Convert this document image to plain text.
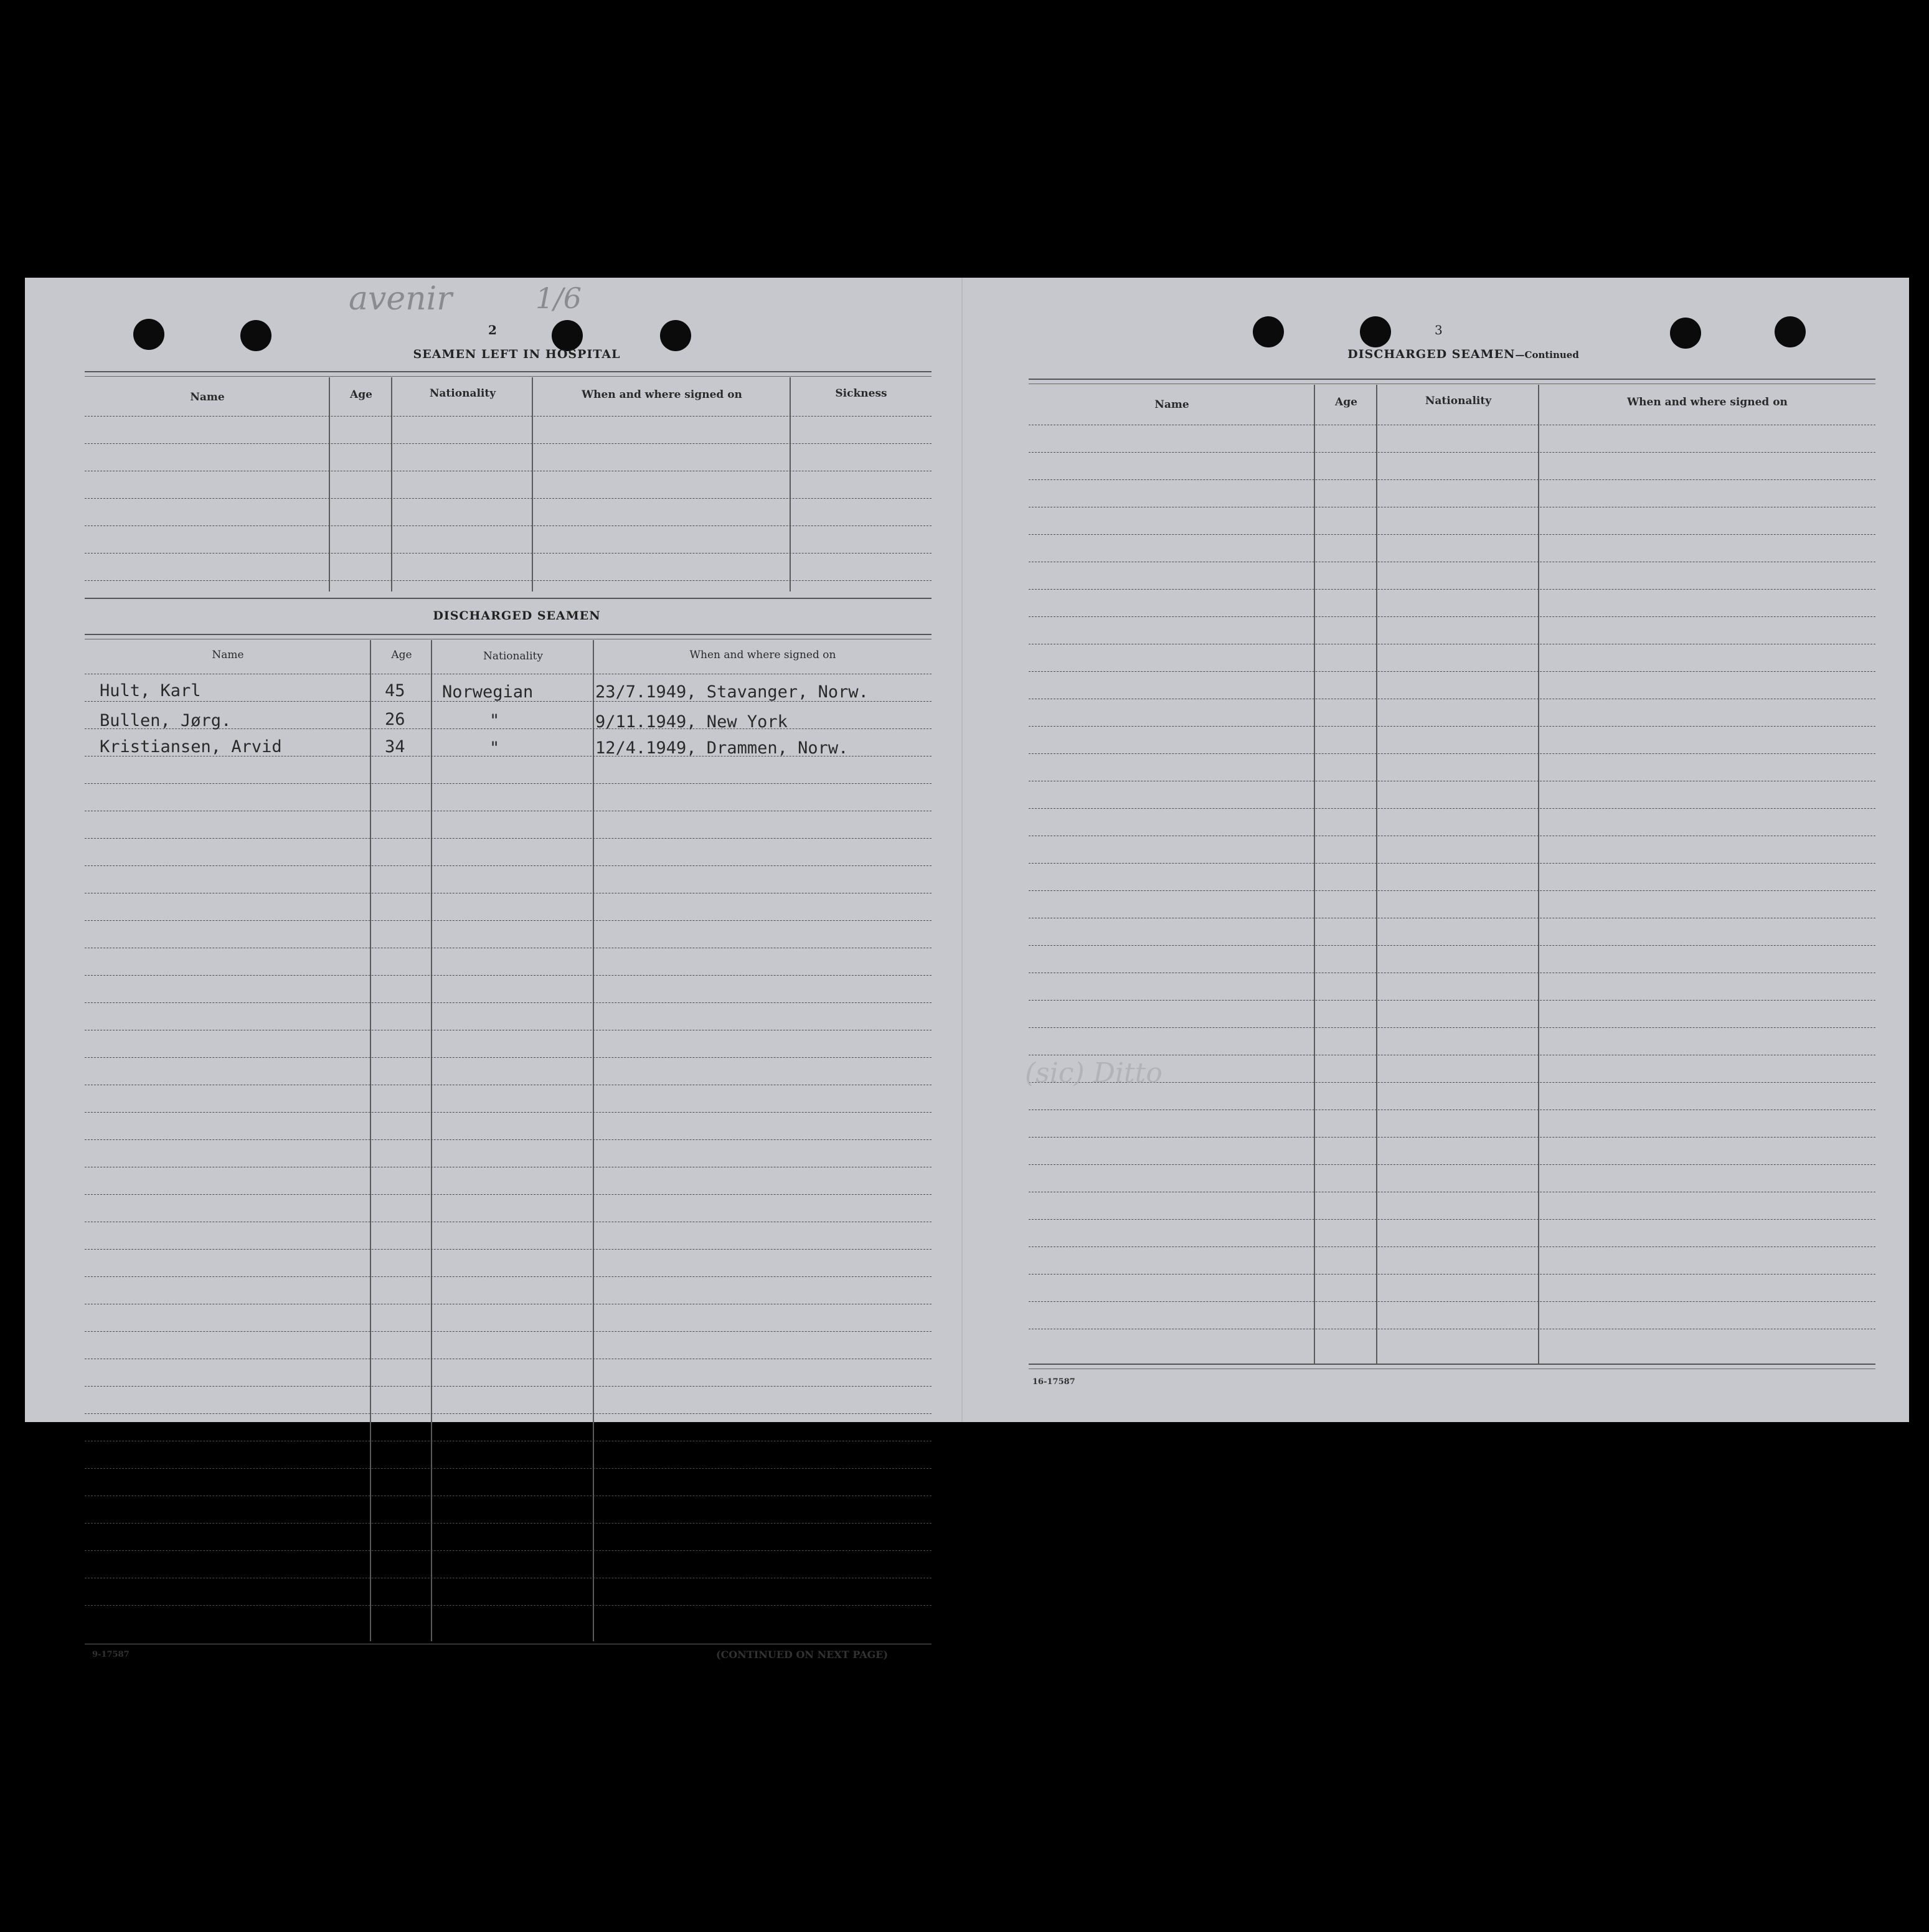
avenir	1/6
2
SEAMEN LEFT IN HOSPITAL
Name	Age	Nationality	When and where signed on	Sickness
DISCHARGED SEAMEN
Name	Age	Nationality	When and where signed on
Hult, Karl	45 Norwegian	23/7.1949, Stavanger, Norw.
Bullen, Jørg.	26	"	9/11.1949, New York
Kristiansen, Arvid	34	"	12/4.1949, Drammen, Norw.
9-17587	(CONTINUED ON NEXT PAGE)
3
DISCHARGED SEAMEN—Continued
Name	Age	Nationality	When and where signed on
(sic) Ditto
16-17587
